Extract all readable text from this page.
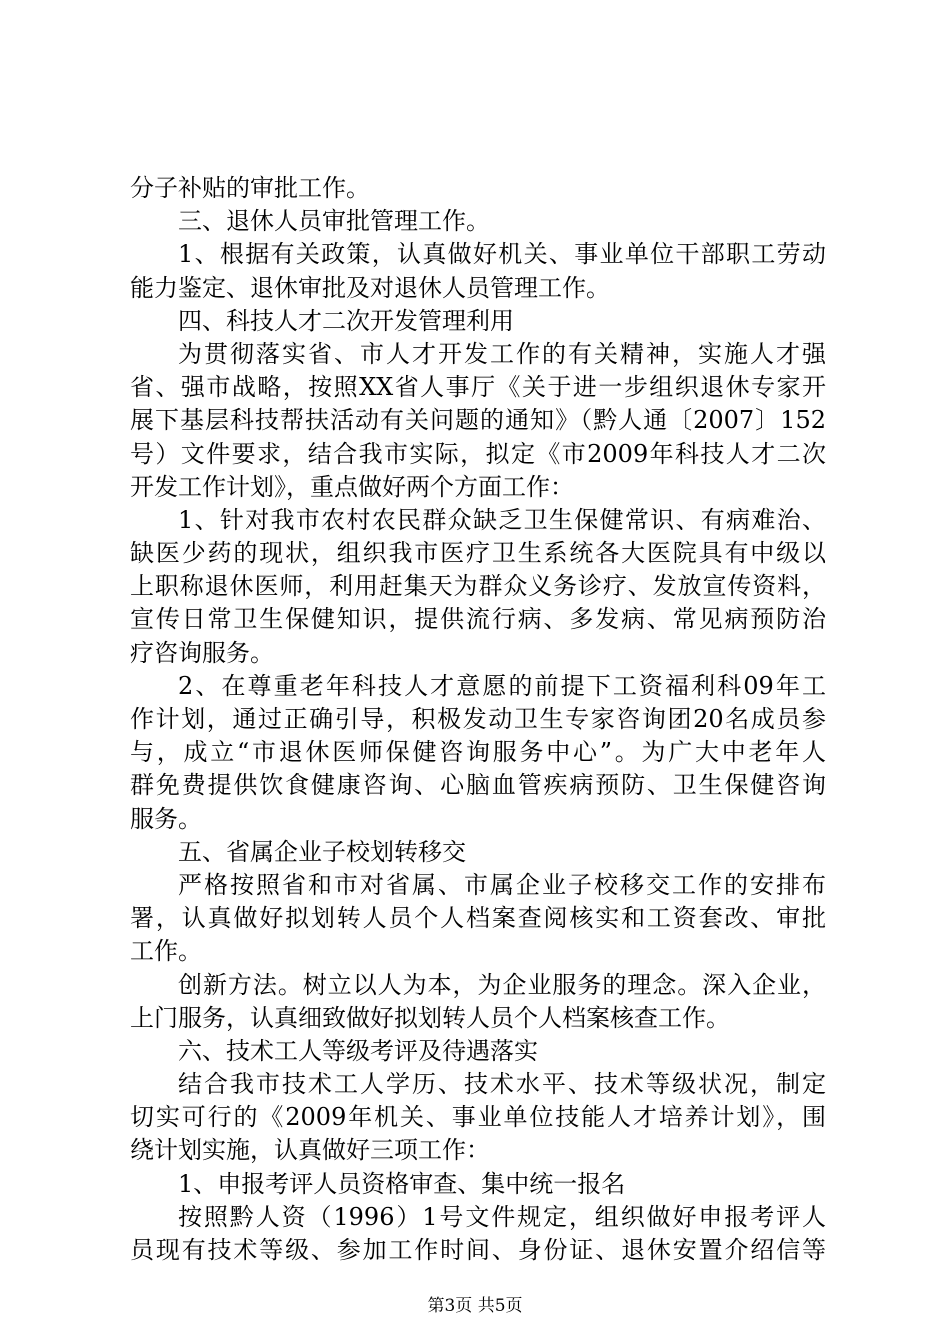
分子补贴的审批工作。
三、退休人员审批管理工作。
1、根据有关政策，认真做好机关、事业单位干部职工劳动
能力鉴定、退休审批及对退休人员管理工作。
四、科技人才二次开发管理利用
为贯彻落实省、市人才开发工作的有关精神，实施人才强
省、强市战略，按照XX省人事厅《关于进一步组织退休专家开
展下基层科技帮扶活动有关问题的通知》（黔人通〔2007〕152
号）文件要求，结合我市实际，拟定《市2009年科技人才二次
开发工作计划》，重点做好两个方面工作：
1、针对我市农村农民群众缺乏卫生保健常识、有病难治、
缺医少药的现状，组织我市医疗卫生系统各大医院具有中级以
上职称退休医师，利用赶集天为群众义务诊疗、发放宣传资料，
宣传日常卫生保健知识，提供流行病、多发病、常见病预防治
疗咨询服务。
2、在尊重老年科技人才意愿的前提下工资福利科09年工
作计划，通过正确引导，积极发动卫生专家咨询团20名成员参
与，成立“市退休医师保健咨询服务中心”。为广大中老年人
群免费提供饮食健康咨询、心脑血管疾病预防、卫生保健咨询
服务。
五、省属企业子校划转移交
严格按照省和市对省属、市属企业子校移交工作的安排布
署，认真做好拟划转人员个人档案查阅核实和工资套改、审批
工作。
创新方法。树立以人为本，为企业服务的理念。深入企业，
上门服务，认真细致做好拟划转人员个人档案核查工作。
六、技术工人等级考评及待遇落实
结合我市技术工人学历、技术水平、技术等级状况，制定
切实可行的《2009年机关、事业单位技能人才培养计划》，围
绕计划实施，认真做好三项工作：
1、申报考评人员资格审查、集中统一报名
按照黔人资（1996）1号文件规定，组织做好申报考评人
员现有技术等级、参加工作时间、身份证、退休安置介绍信等
第3页 共5页
